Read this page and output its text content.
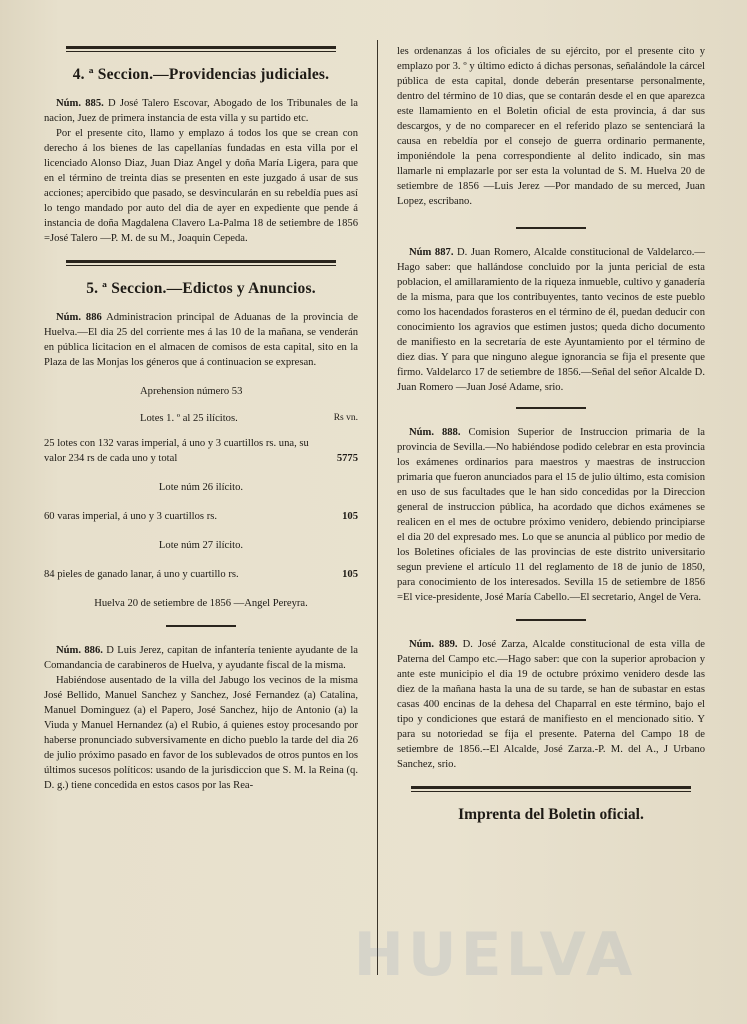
4. ª Seccion.—Providencias judiciales.

Núm. 885. D José Talero Escovar, Abogado de los Tribunales de la nacion, Juez de primera instancia de esta villa y su partido etc.

Por el presente cito, llamo y emplazo á todos los que se crean con derecho á los bienes de las capellanías fundadas en esta villa por el licenciado Alonso Diaz, Juan Diaz Angel y doña María Ligera, para que en el término de treinta dias se presenten en este juzgado á usar de sus acciones; apercibido que pasado, se desvincularán en su rebeldía pues así lo tengo mandado por auto del dia de ayer en expediente que pende á instancia de doña Magdalena Clavero La-Palma 18 de setiembre de 1856 =José Talero —P. M. de su M., Joaquin Cepeda.

5. ª Seccion.—Edictos y Anuncios.

Núm. 886 Administracion principal de Aduanas de la provincia de Huelva.—El dia 25 del corriente mes á las 10 de la mañana, se venderán en pública licitacion en el almacen de comisos de esta capital, sito en la Plaza de las Monjas los géneros que á continuacion se expresan.

Aprehension número 53
Lotes 1. º al 25 ilícitos.	Rs vn.
25 lotes con 132 varas imperial, á uno y 3 cuartillos rs. una, su valor 234 rs de cada uno y total	5775
Lote núm 26 ilícito.
60 varas imperial, á uno y 3 cuartillos rs.	105
Lote núm 27 ilícito.
84 pieles de ganado lanar, á uno y cuartillo rs.	105
Huelva 20 de setiembre de 1856 —Angel Pereyra.

Núm. 886. D Luis Jerez, capitan de infantería teniente ayudante de la Comandancia de carabineros de Huelva, y ayudante fiscal de la misma.

Habiéndose ausentado de la villa del Jabugo los vecinos de la misma José Bellido, Manuel Sanchez y Sanchez, José Fernandez (a) Catalina, Manuel Dominguez (a) el Papero, José Sanchez, hijo de Antonio (a) la Viuda y Manuel Hernandez (a) el Rubio, á quienes estoy procesando por haberse pronunciado subversivamente en dicho pueblo la tarde del dia 26 de julio próximo pasado en favor de los sublevados de otros puntos en los últimos sucesos políticos: usando de la jurisdiccion que S. M. la Reina (q. D. g.) tiene concedida en estos casos por las Rea-

les ordenanzas á los oficiales de su ejército, por el presente cito y emplazo por 3. º y último edicto á dichas personas, señalándole la cárcel pública de esta capital, donde deberán presentarse personalmente, dentro del término de 10 dias, que se contarán desde el en que aparezca este llamamiento en el Boletin oficial de esta provincia, á dar sus descargos, y de no comparecer en el referido plazo se sentenciará la causa en rebeldía por el consejo de guerra ordinario permanente, imponiéndole la pena correspondiente al delito indicado, sin mas llamarle ni emplazarle por ser esta la voluntad de S. M. Huelva 20 de setiembre de 1856 —Luis Jerez —Por mandado de su merced, Juan Lopez, escribano.

Núm 887. D. Juan Romero, Alcalde constitucional de Valdelarco.—Hago saber: que hallándose concluido por la junta pericial de esta poblacion, el amillaramiento de la riqueza inmueble, cultivo y ganadería de la misma, para que los contribuyentes, tanto vecinos de este pueblo como los hacendados forasteros en el término de él, puedan deducir con conocimiento los agravios que estimen justos; queda dicho documento de manifiesto en la secretaría de este Ayuntamiento por el término de diez dias. Y para que ninguno alegue ignorancia se fija el presente que firmo. Valdelarco 17 de setiembre de 1856.—Señal del señor Alcalde D. Juan Romero —Juan José Adame, srio.

Núm. 888. Comision Superior de Instruccion primaria de la provincia de Sevilla.—No habiéndose podido celebrar en esta provincia los exámenes ordinarios para maestros y maestras de instruccion primaria que fueron anunciados para el 15 de julio último, esta comision en uso de sus facultades que le han sido concedidas por la Direccion general de instruccion pública, ha acordado que dichos exámenes se realicen en el mes de octubre próximo venidero, debiendo principiarse el dia 20 del expresado mes. Lo que se anuncia al público por medio de los Boletines oficiales de las provincias de este distrito universitario segun previene el artículo 11 del reglamento de 18 de junio de 1850, para conocimiento de los interesados. Sevilla 15 de setiembre de 1856 =El vice-presidente, José María Cabello.—El secretario, Angel de Vera.

Núm. 889. D. José Zarza, Alcalde constitucional de esta villa de Paterna del Campo etc.—Hago saber: que con la superior aprobacion y ante este municipio el dia 19 de octubre próximo venidero desde las diez de la mañana hasta la una de su tarde, se han de subastar en estas casas 400 encinas de la dehesa del Chaparral en este término, bajo el tipo y condiciones que estará de manifiesto en el mencionado sitio. Y para su notoriedad se fija el presente. Paterna del Campo 18 de setiembre de 1856.--El Alcalde, José Zarza.-P. M. del A., J Urbano Sanchez, srio.

Imprenta del Boletin oficial.
HUELVA
